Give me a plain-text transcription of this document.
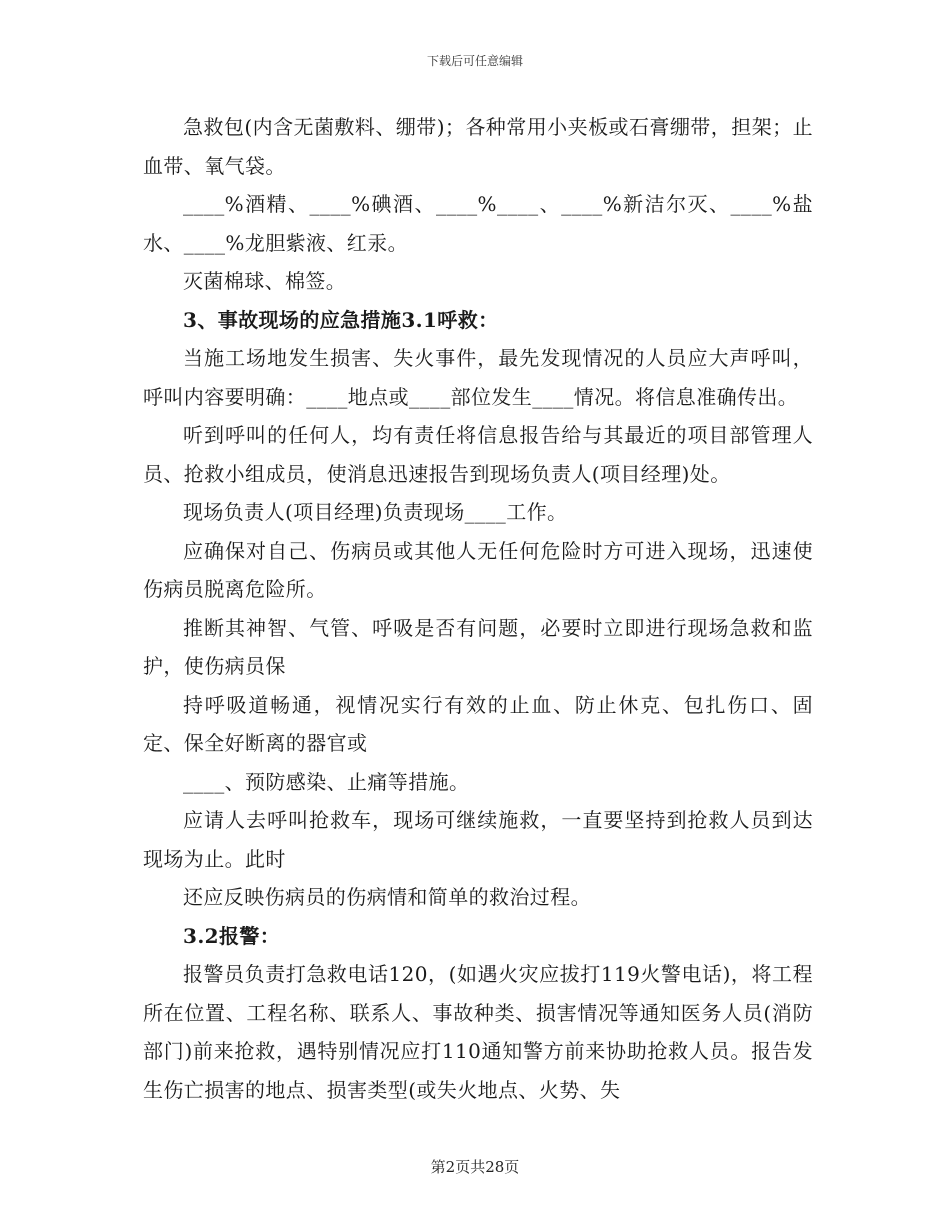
下载后可任意编辑

急救包(内含无菌敷料、绷带)；各种常用小夹板或石膏绷带，担架；止血带、氧气袋。

____%酒精、____%碘酒、____%____、____%新洁尔灭、____%盐水、____%龙胆紫液、红汞。

灭菌棉球、棉签。

3、事故现场的应急措施3.1呼救：

当施工场地发生损害、失火事件，最先发现情况的人员应大声呼叫，呼叫内容要明确：____地点或____部位发生____情况。将信息准确传出。

听到呼叫的任何人，均有责任将信息报告给与其最近的项目部管理人员、抢救小组成员，使消息迅速报告到现场负责人(项目经理)处。

现场负责人(项目经理)负责现场____工作。

应确保对自己、伤病员或其他人无任何危险时方可进入现场，迅速使伤病员脱离危险所。

推断其神智、气管、呼吸是否有问题，必要时立即进行现场急救和监护，使伤病员保

持呼吸道畅通，视情况实行有效的止血、防止休克、包扎伤口、固定、保全好断离的器官或

____、预防感染、止痛等措施。

应请人去呼叫抢救车，现场可继续施救，一直要坚持到抢救人员到达现场为止。此时

还应反映伤病员的伤病情和简单的救治过程。

3.2报警：

报警员负责打急救电话120，(如遇火灾应拔打119火警电话)，将工程所在位置、工程名称、联系人、事故种类、损害情况等通知医务人员(消防部门)前来抢救，遇特别情况应打110通知警方前来协助抢救人员。报告发生伤亡损害的地点、损害类型(或失火地点、火势、失

第2页共28页
